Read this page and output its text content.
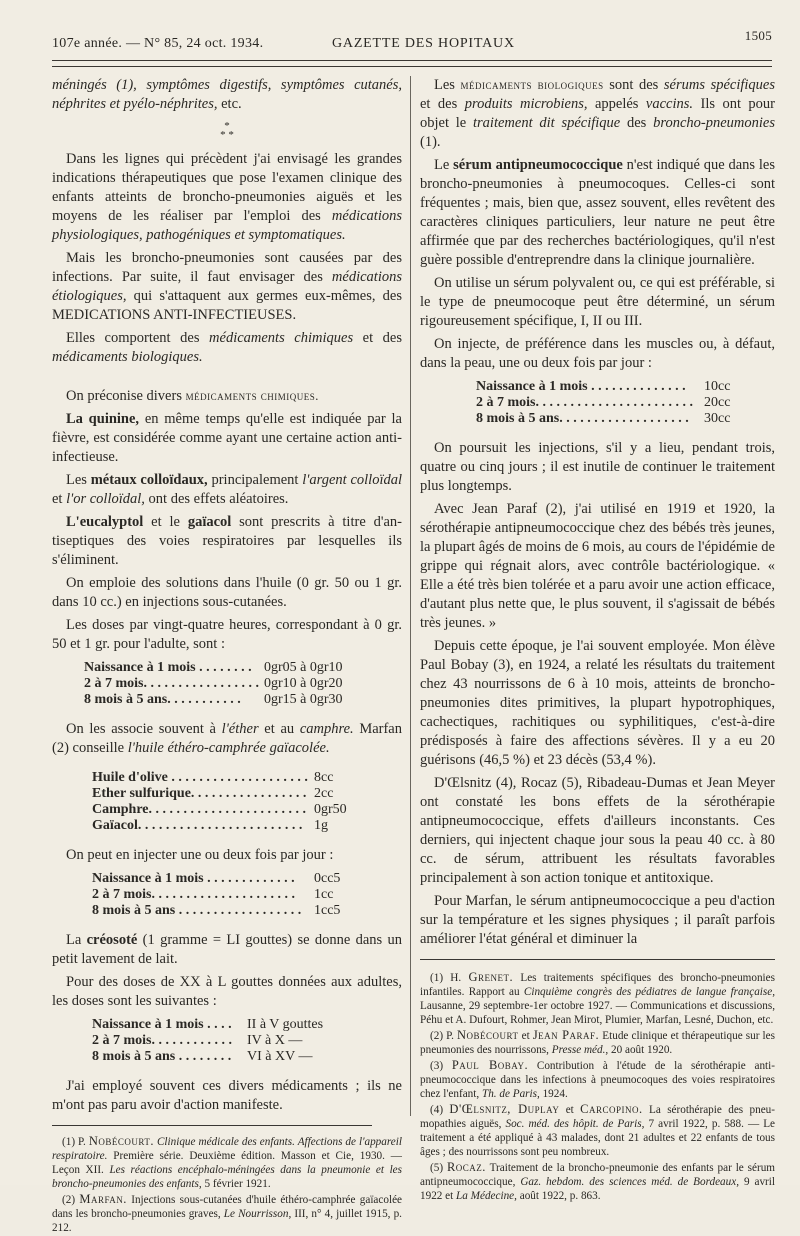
107e année. — N° 85, 24 oct. 1934.	GAZETTE DES HOPITAUX
1505

méningés (1), symptômes digestifs, symptômes cutanés, néphrites et pyélo-néphrites, etc.

*
* *

Dans les lignes qui précèdent j'ai envisagé les grandes indications thérapeutiques que pose l'examen clinique des enfants atteints de broncho-pneumonies aiguës et les moyens de les réaliser par l'emploi des médications physiologiques, pathogéniques et symptomatiques.

Mais les broncho-pneumonies sont causées par des infections. Par suite, il faut envisager des médications étiologiques, qui s'attaquent aux germes eux-mêmes, des MEDICATIONS ANTI-INFECTIEUSES.

Elles comportent des médicaments chimiques et des médicaments biologiques.

On préconise divers médicaments chimiques.

La quinine, en même temps qu'elle est indiquée par la fièvre, est considérée comme ayant une certaine action anti-infectieuse.

Les métaux colloïdaux, principalement l'argent colloïdal et l'or colloïdal, ont des effets aléatoires.

L'eucalyptol et le gaïacol sont prescrits à titre d'antiseptiques des voies respiratoires par lesquelles ils s'éliminent.

On emploie des solutions dans l'huile (0 gr. 50 ou 1 gr. dans 10 cc.) en injections sous-cutanées.

Les doses par vingt-quatre heures, correspondant à 0 gr. 50 et 1 gr. pour l'adulte, sont :

Naissance à 1 mois . . . . . . . . 0gr05 à 0gr10
2 à 7 mois. . . . . . . . . . . . . . . . . 0gr10 à 0gr20
8 mois à 5 ans. . . . . . . . . . . 0gr15 à 0gr30

On les associe souvent à l'éther et au camphre. Marfan (2) conseille l'huile éthéro-camphrée gaïacolée.

Huile d'olive . . . . . . . . . . . . . . . . . . . . 8cc
Ether sulfurique. . . . . . . . . . . . . . . . . 2cc
Camphre. . . . . . . . . . . . . . . . . . . . . . . 0gr50
Gaïacol. . . . . . . . . . . . . . . . . . . . . . . . 1g

On peut en injecter une ou deux fois par jour :

Naissance à 1 mois . . . . . . . . . . . . . 0cc5
2 à 7 mois. . . . . . . . . . . . . . . . . . . . . 1cc
8 mois à 5 ans . . . . . . . . . . . . . . . . . . 1cc5

La créosoté (1 gramme = LI gouttes) se donne dans un petit lavement de lait.

Pour des doses de XX à L gouttes données aux adultes, les doses sont les suivantes :

Naissance à 1 mois . . . . II à V gouttes
2 à 7 mois. . . . . . . . . . . . IV à X —
8 mois à 5 ans . . . . . . . . VI à XV —

J'ai employé souvent ces divers médicaments ; ils ne m'ont pas paru avoir d'action manifeste.

(1) P. Nobécourt. Clinique médicale des enfants. Affections de l'appareil respiratoire. Première série. Deuxième édition. Masson et Cie, 1930. — Leçon XII. Les réactions encéphalo-méningées dans la pneumonie et les broncho-pneumonies des enfants, 5 février 1921.

(2) Marfan. Injections sous-cutanées d'huile éthéro-camphrée gaïacolée dans les broncho-pneumonies graves, Le Nourrisson, III, n° 4, juillet 1915, p. 212.

Les médicaments biologiques sont des sérums spécifiques et des produits microbiens, appelés vaccins. Ils ont pour objet le traitement dit spécifique des broncho-pneumonies (1).

Le sérum antipneumococcique n'est indiqué que dans les broncho-pneumonies à pneumocoques. Celles-ci sont fréquentes ; mais, bien que, assez souvent, elles revêtent des caractères cliniques particuliers, leur nature ne peut être affirmée que par des recherches bactériologiques, qu'il n'est guère possible d'entreprendre dans la clinique journalière.

On utilise un sérum polyvalent ou, ce qui est préférable, si le type de pneumocoque peut être déterminé, un sérum rigoureusement spécifique, I, II ou III.

On injecte, de préférence dans les muscles ou, à défaut, dans la peau, une ou deux fois par jour :

Naissance à 1 mois . . . . . . . . . . . . . . 10cc
2 à 7 mois. . . . . . . . . . . . . . . . . . . . . . . 20cc
8 mois à 5 ans. . . . . . . . . . . . . . . . . . . 30cc

On poursuit les injections, s'il y a lieu, pendant trois, quatre ou cinq jours ; il est inutile de continuer le traitement plus longtemps.

Avec Jean Paraf (2), j'ai utilisé en 1919 et 1920, la sérothérapie antipneumococcique chez des bébés très jeunes, la plupart âgés de moins de 6 mois, au cours de l'épidémie de grippe qui régnait alors, avec contrôle bactériologique. « Elle a été très bien tolérée et a paru avoir une action efficace, d'autant plus nette que, le plus souvent, il s'agissait de bébés très jeunes. »

Depuis cette époque, je l'ai souvent employée. Mon élève Paul Bobay (3), en 1924, a relaté les résultats du traitement chez 43 nourrissons de 6 à 10 mois, atteints de broncho-pneumonies dites primitives, la plupart hypotrophiques, cachectiques, rachitiques ou syphilitiques, c'est-à-dire prédisposés à faire des affections sévères. Il y a eu 20 guérisons (46,5 %) et 23 décès (53,4 %).

D'Œlsnitz (4), Rocaz (5), Ribadeau-Dumas et Jean Meyer ont constaté les bons effets de la sérothérapie antipneumococcique, effets d'ailleurs inconstants. Ces derniers, qui injectent chaque jour sous la peau 40 cc. à 80 cc. de sérum, attribuent les résultats favorables principalement à son action tonique et antitoxique.

Pour Marfan, le sérum antipneumococcique a peu d'action sur la température et les signes physiques ; il paraît parfois améliorer l'état général et diminuer la

(1) H. Grenet. Les traitements spécifiques des broncho-pneumonies infantiles. Rapport au Cinquième congrès des pédiatres de langue française, Lausanne, 29 septembre-1er octobre 1927. — Communications et discussions, Péhu et A. Dufourt, Rohmer, Jean Mirot, Plumier, Marfan, Lesné, Duchon, etc.

(2) P. Nobécourt et Jean Paraf. Etude clinique et thérapeutique sur les pneumonies des nourrissons, Presse méd., 20 août 1920.

(3) Paul Bobay. Contribution à l'étude de la sérothérapie anti-pneumococcique dans les infections à pneumocoques des voies respiratoires chez l'enfant, Th. de Paris, 1924.

(4) D'Œlsnitz, Duplay et Carcopino. La sérothérapie des pneumopathies aiguës, Soc. méd. des hôpit. de Paris, 7 avril 1922, p. 588. — Le traitement a été appliqué à 43 malades, dont 21 adultes et 22 enfants de tous âges ; des nourrissons sont peu nombreux.

(5) Rocaz. Traitement de la broncho-pneumonie des enfants par le sérum antipneumococcique, Gaz. hebdom. des sciences méd. de Bordeaux, 9 avril 1922 et La Médecine, août 1922, p. 863.
